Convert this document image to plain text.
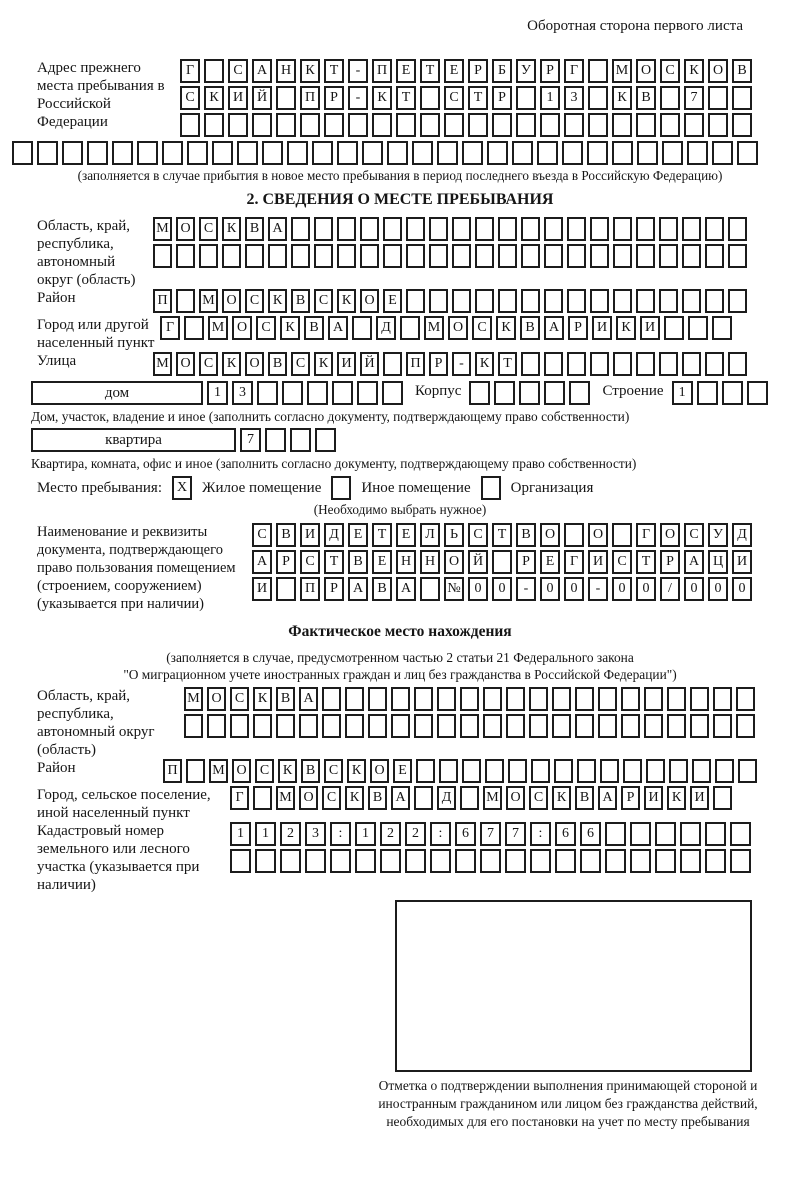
Оборотная сторона первого листа
Адрес прежнего места пребывания в Российской Федерации
Г	С	А Н	К	Т	-	П	Е	Т	Е	Р	Б	У	Р	Г	М О	С	К	О	В
С	К	И Й	П	Р	-	К	Т	С	Т	Р	1	3	К	В	7
(заполняется в случае прибытия в новое место пребывания в период последнего въезда в Российскую Федерацию)
2. СВЕДЕНИЯ О МЕСТЕ ПРЕБЫВАНИЯ
Область, край, республика, автономный округ (область)
М О С К В А
Район	П	М О С К В С К О Е
Город или другой населенный пункт
Г	М О	С	К	В	А	Д	М О	С	К	В	А	Р	И	К	И
Улица	М О С К О В С К И Й	П	Р	-	К	Т
дом	1	3	Корпус	Строение	1
Дом, участок, владение и иное (заполнить согласно документу, подтверждающему право собственности)
квартира	7
Квартира, комната, офис и иное (заполнить согласно документу, подтверждающему право собственности)
Место пребывания:	X Жилое помещение	Иное помещение	Организация
(Необходимо выбрать нужное)
Наименование и реквизиты документа, подтверждающего право пользования помещением (строением, сооружением) (указывается при наличии)
С	В	И	Д	Е	Т	Е	Л	Ь	С	Т	В	О	О	Г	О	С	У	Д
А	Р	С	Т	В	Е	Н Н О Й	Р	Е	Г	И	С	Т	Р	А Ц И
И	П	Р	А	В	А	№ 0	0	-	0	0	-	0	0	/	0	0	0
Фактическое место нахождения
(заполняется в случае, предусмотренном частью 2 статьи 21 Федерального закона
"О миграционном учете иностранных граждан и лиц без гражданства в Российской Федерации")
Область, край, республика, автономный округ (область)
М О С К В А
Район	П	М О С К В С К О Е
Город, сельское поселение, иной населенный пункт
Г	М О С К В А	Д	М О С К В А	Р	И К И
Кадастровый номер земельного или лесного участка (указывается при наличии)
1	1	2	3	:	1	2	2	:	6	7	7	:	6	6
Отметка о подтверждении выполнения принимающей стороной и иностранным гражданином или лицом без гражданства действий, необходимых для его постановки на учет по месту пребывания
